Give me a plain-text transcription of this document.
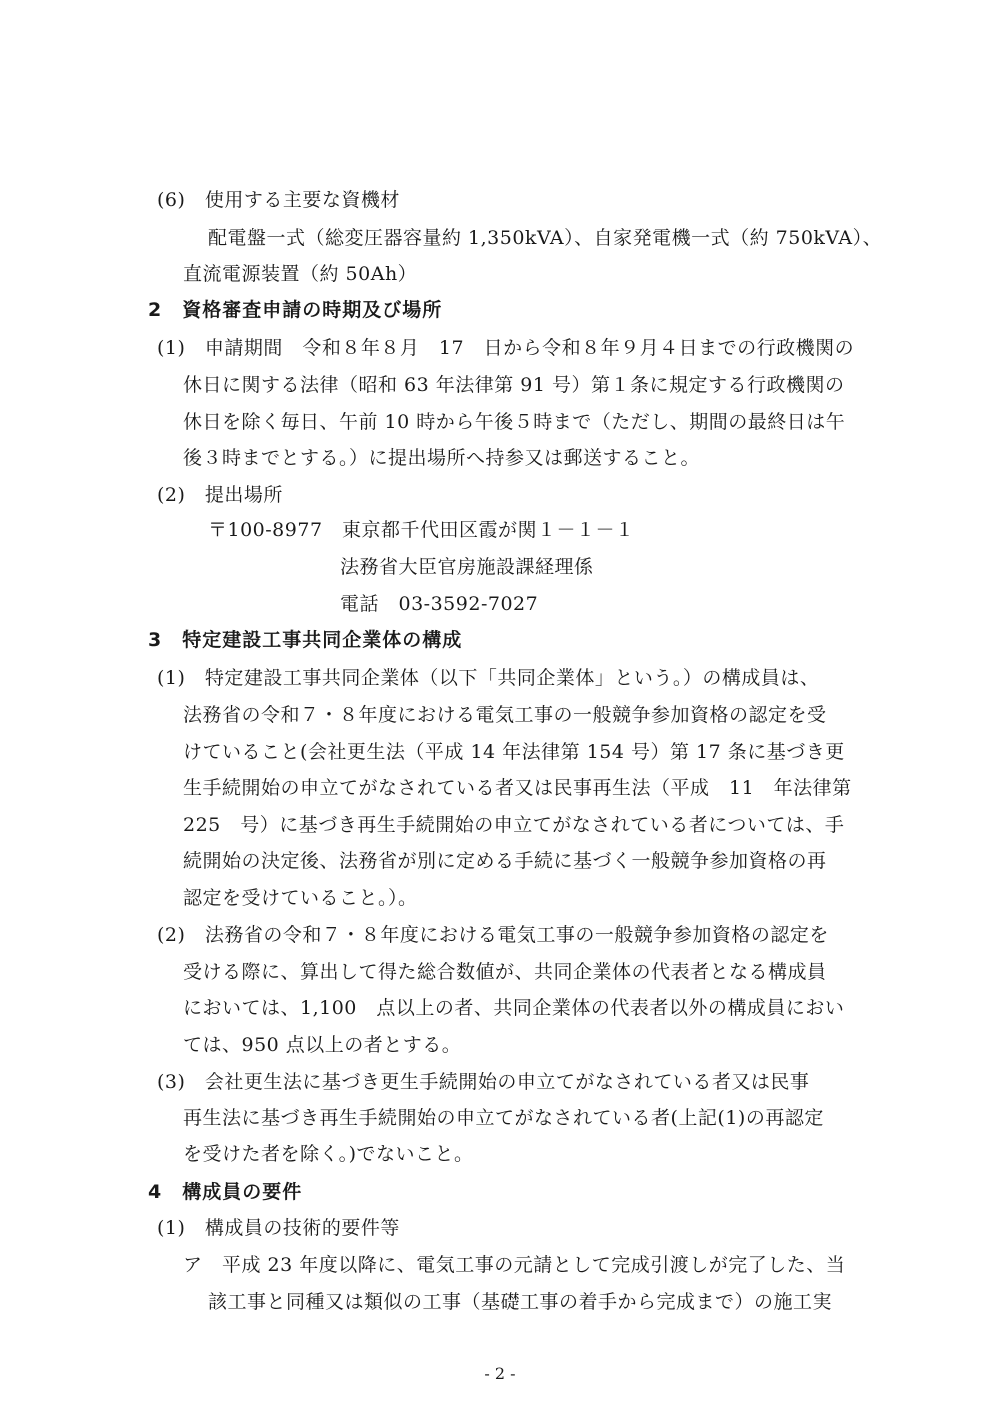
(6)　使用する主要な資機材
配電盤一式（総変圧器容量約 1,350kVA）、自家発電機一式（約 750kVA）、
直流電源装置（約 50Ah）
2　資格審査申請の時期及び場所
(1)　申請期間　令和８年８月　17　日から令和８年９月４日までの行政機関の
休日に関する法律（昭和 63 年法律第 91 号）第１条に規定する行政機関の
休日を除く毎日、午前 10 時から午後５時まで（ただし、期間の最終日は午
後３時までとする。）に提出場所へ持参又は郵送すること。
(2)　提出場所
〒100-8977　東京都千代田区霞が関１－１－１
法務省大臣官房施設課経理係
電話　03-3592-7027
3　特定建設工事共同企業体の構成
(1)　特定建設工事共同企業体（以下「共同企業体」という。）の構成員は、
法務省の令和７・８年度における電気工事の一般競争参加資格の認定を受
けていること(会社更生法（平成 14 年法律第 154 号）第 17 条に基づき更
生手続開始の申立てがなされている者又は民事再生法（平成　11　年法律第
225　号）に基づき再生手続開始の申立てがなされている者については、手
続開始の決定後、法務省が別に定める手続に基づく一般競争参加資格の再
認定を受けていること。）。
(2)　法務省の令和７・８年度における電気工事の一般競争参加資格の認定を
受ける際に、算出して得た総合数値が、共同企業体の代表者となる構成員
においては、1,100　点以上の者、共同企業体の代表者以外の構成員におい
ては、950 点以上の者とする。
(3)　会社更生法に基づき更生手続開始の申立てがなされている者又は民事
再生法に基づき再生手続開始の申立てがなされている者(上記(1)の再認定
を受けた者を除く。)でないこと。
4　構成員の要件
(1)　構成員の技術的要件等
ア　平成 23 年度以降に、電気工事の元請として完成引渡しが完了した、当
該工事と同種又は類似の工事（基礎工事の着手から完成まで）の施工実
- 2 -
